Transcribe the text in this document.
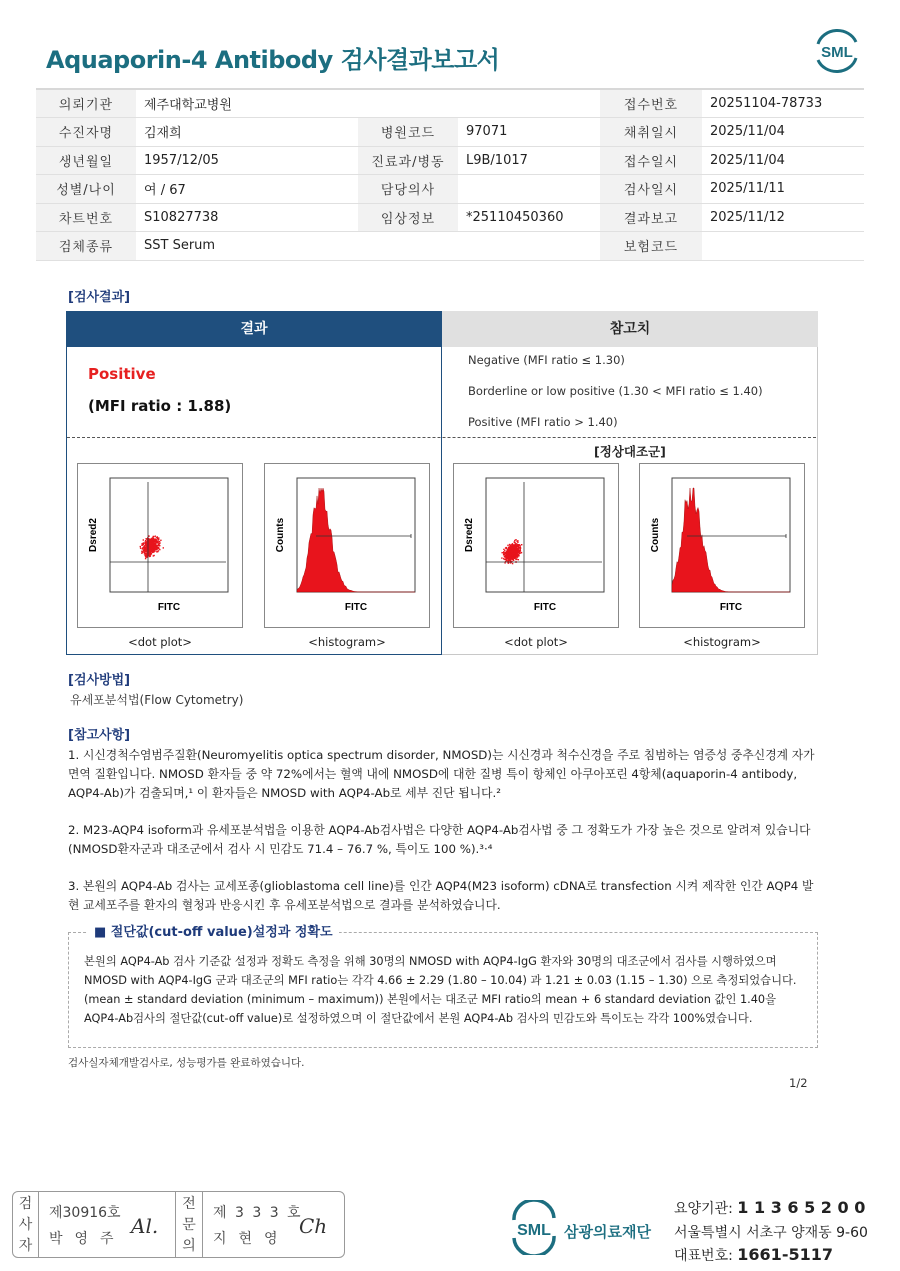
Aquaporin-4 Antibody 검사결과보고서	SML
의뢰기관	제주대학교병원			접수번호	20251104-78733
수진자명	김재희	병원코드	97071	채취일시	2025/11/04
생년월일	1957/12/05	진료과/병동	L9B/1017	접수일시	2025/11/04
성별/나이	여 / 67	담당의사		검사일시	2025/11/11
차트번호	S10827738	임상정보	*25110450360	결과보고	2025/11/12
검체종류	SST Serum			보험코드	
[검사결과]
결과	참고치
Positive
(MFI ratio : 1.88)
Negative (MFI ratio ≤ 1.30)
Borderline or low positive (1.30 < MFI ratio ≤ 1.40)
Positive (MFI ratio > 1.40)
[정상대조군]
Dsred2
FITC
Counts
FITC
Dsred2
FITC
Counts
FITC
<dot plot>	<histogram>	<dot plot>	<histogram>
[검사방법]
유세포분석법(Flow Cytometry)
[참고사항]

1. 시신경척수염범주질환(Neuromyelitis optica spectrum disorder, NMOSD)는 시신경과 척수신경을 주로 침범하는 염증성 중추신경계 자가면역 질환입니다. NMOSD 환자들 중 약 72%에서는 혈액 내에 NMOSD에 대한 질병 특이 항체인 아쿠아포린 4항체(aquaporin-4 antibody, AQP4-Ab)가 검출되며,¹ 이 환자들은 NMOSD with AQP4-Ab로 세부 진단 됩니다.²

2. M23-AQP4 isoform과 유세포분석법을 이용한 AQP4-Ab검사법은 다양한 AQP4-Ab검사법 중 그 정확도가 가장 높은 것으로 알려져 있습니다(NMOSD환자군과 대조군에서 검사 시 민감도 71.4 – 76.7 %, 특이도 100 %).³·⁴

3. 본원의 AQP4-Ab 검사는 교세포종(glioblastoma cell line)를 인간 AQP4(M23 isoform) cDNA로 transfection 시켜 제작한 인간 AQP4 발현 교세포주를 환자의 혈청과 반응시킨 후 유세포분석법으로 결과를 분석하였습니다.

■ 절단값(cut-off value)설정과 정확도
본원의 AQP4-Ab 검사 기준값 설정과 정확도 측정을 위해 30명의 NMOSD with AQP4-IgG 환자와 30명의 대조군에서 검사를 시행하였으며 NMOSD with AQP4-IgG 군과 대조군의 MFI ratio는 각각 4.66 ± 2.29 (1.80 – 10.04) 과 1.21 ± 0.03 (1.15 – 1.30) 으로 측정되었습니다. (mean ± standard deviation (minimum – maximum)) 본원에서는 대조군 MFI ratio의 mean + 6 standard deviation 값인 1.40을 AQP4-Ab검사의 절단값(cut-off value)로 설정하였으며 이 절단값에서 본원 AQP4-Ab 검사의 민감도와 특이도는 각각 100%였습니다.
검사실자체개발검사로, 성능평가를 완료하였습니다.
1/2
검사자
제30916호
박영주
Al.
전문의
제 3 3 3 호
지현영
Ch	SML 삼광의료재단
요양기관: 1 1 3 6 5 2 0 0
서울특별시 서초구 양재동 9-60
대표번호: 1661-5117
